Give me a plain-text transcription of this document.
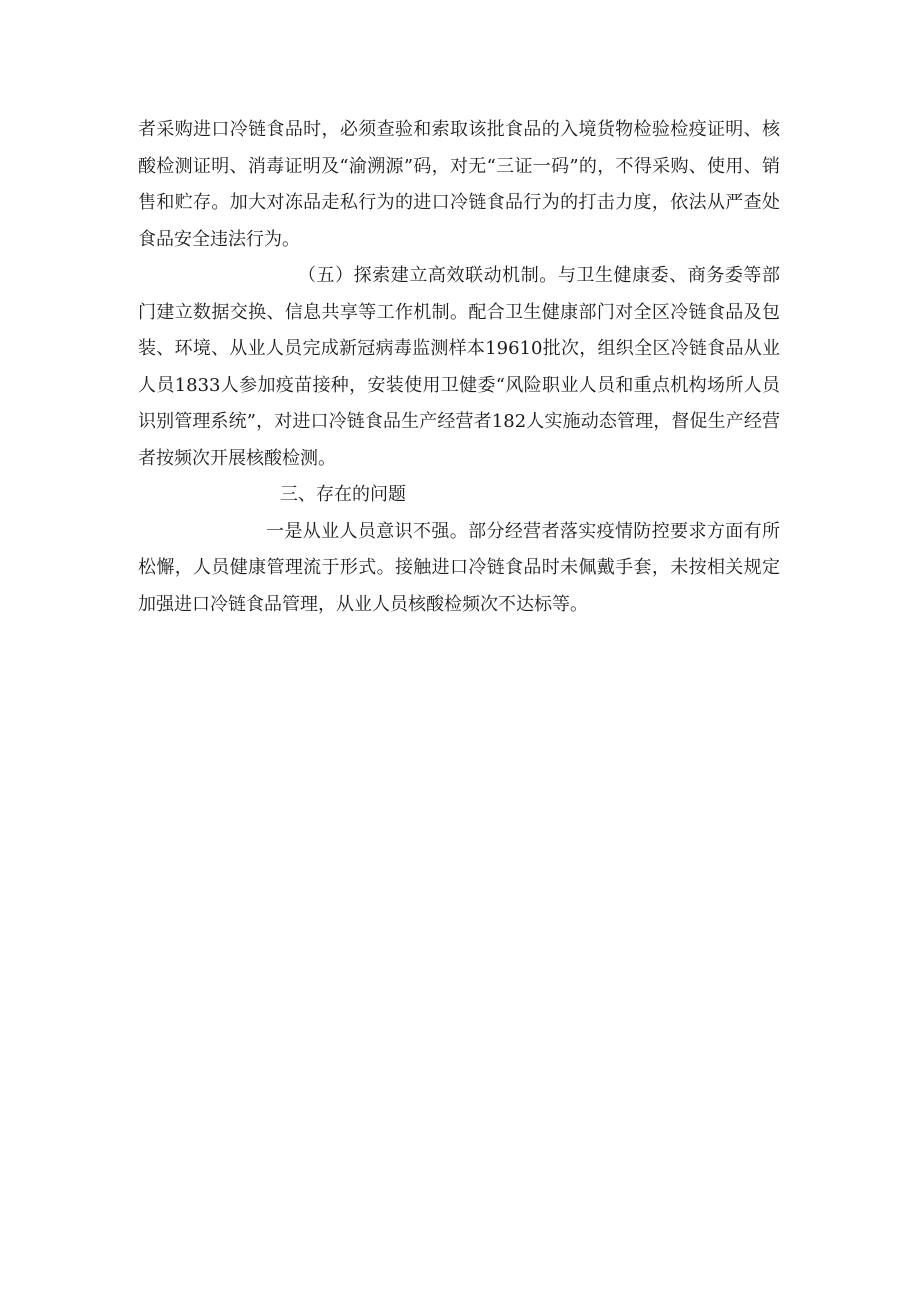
者采购进口冷链食品时，必须查验和索取该批食品的入境货物检验检疫证明、核酸检测证明、消毒证明及“渝溯源”码，对无“三证一码”的，不得采购、使用、销售和贮存。加大对冻品走私行为的进口冷链食品行为的打击力度，依法从严查处食品安全违法行为。

（五）探索建立高效联动机制。与卫生健康委、商务委等部门建立数据交换、信息共享等工作机制。配合卫生健康部门对全区冷链食品及包装、环境、从业人员完成新冠病毒监测样本19610批次，组织全区冷链食品从业人员1833人参加疫苗接种，安装使用卫健委“风险职业人员和重点机构场所人员识别管理系统”，对进口冷链食品生产经营者182人实施动态管理，督促生产经营者按频次开展核酸检测。

三、存在的问题

一是从业人员意识不强。部分经营者落实疫情防控要求方面有所松懈，人员健康管理流于形式。接触进口冷链食品时未佩戴手套，未按相关规定加强进口冷链食品管理，从业人员核酸检频次不达标等。
